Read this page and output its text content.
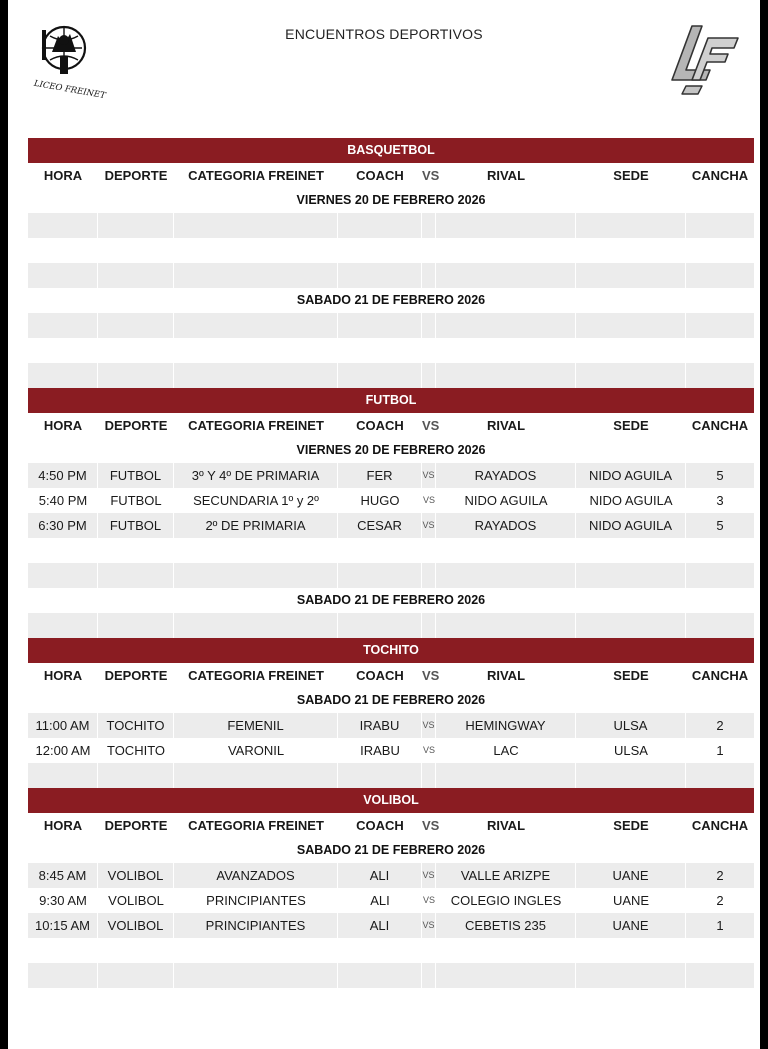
LICEO FREINET
ENCUENTROS DEPORTIVOS
BASQUETBOL
HORA	DEPORTE	CATEGORIA FREINET	COACH	VS	RIVAL	SEDE	CANCHA
VIERNES 20 DE FEBRERO 2026
SABADO 21 DE FEBRERO 2026
FUTBOL
HORA	DEPORTE	CATEGORIA FREINET	COACH	VS	RIVAL	SEDE	CANCHA
VIERNES 20 DE FEBRERO 2026
4:50 PM	FUTBOL	3º Y 4º DE PRIMARIA	FER	VS	RAYADOS	NIDO AGUILA	5
5:40 PM	FUTBOL	SECUNDARIA 1º y 2º	HUGO	VS	NIDO AGUILA	NIDO AGUILA	3
6:30 PM	FUTBOL	2º DE PRIMARIA	CESAR	VS	RAYADOS	NIDO AGUILA	5
SABADO 21 DE FEBRERO 2026
TOCHITO
HORA	DEPORTE	CATEGORIA FREINET	COACH	VS	RIVAL	SEDE	CANCHA
SABADO 21 DE FEBRERO 2026
11:00 AM	TOCHITO	FEMENIL	IRABU	VS	HEMINGWAY	ULSA	2
12:00 AM	TOCHITO	VARONIL	IRABU	VS	LAC	ULSA	1
VOLIBOL
HORA	DEPORTE	CATEGORIA FREINET	COACH	VS	RIVAL	SEDE	CANCHA
SABADO 21 DE FEBRERO 2026
8:45 AM	VOLIBOL	AVANZADOS	ALI	VS	VALLE ARIZPE	UANE	2
9:30 AM	VOLIBOL	PRINCIPIANTES	ALI	VS	COLEGIO INGLES	UANE	2
10:15 AM	VOLIBOL	PRINCIPIANTES	ALI	VS	CEBETIS 235	UANE	1
